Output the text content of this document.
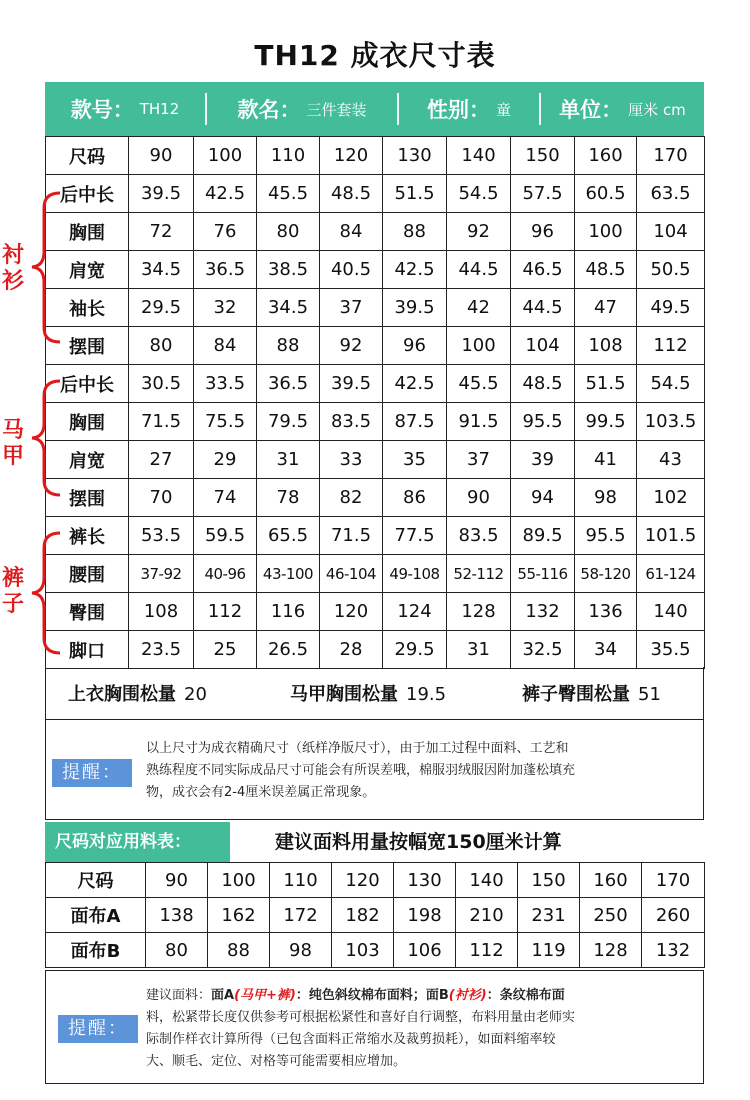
TH12 成衣尺寸表
款号： TH12	款名： 三件套装	性别： 童 单位： 厘米 cm
尺码	90	100	110	120	130	140	150	160	170
后中长	39.5	42.5	45.5	48.5	51.5	54.5	57.5	60.5	63.5
胸围	72	76	80	84	88	92	96	100	104
肩宽	34.5	36.5	38.5	40.5	42.5	44.5	46.5	48.5	50.5
袖长	29.5	32	34.5	37	39.5	42	44.5	47	49.5
摆围	80	84	88	92	96	100	104	108	112
后中长	30.5	33.5	36.5	39.5	42.5	45.5	48.5	51.5	54.5
胸围	71.5	75.5	79.5	83.5	87.5	91.5	95.5	99.5	103.5
肩宽	27	29	31	33	35	37	39	41	43
摆围	70	74	78	82	86	90	94	98	102
裤长	53.5	59.5	65.5	71.5	77.5	83.5	89.5	95.5	101.5
腰围	37-92	40-96	43-100	46-104	49-108	52-112	55-116	58-120	61-124
臀围	108	112	116	120	124	128	132	136	140
脚口	23.5	25	26.5	28	29.5	31	32.5	34	35.5
衬衫
马甲
裤子
上衣胸围松量 20	马甲胸围松量 19.5	裤子臀围松量 51
提醒：
以上尺寸为成衣精确尺寸（纸样净版尺寸），由于加工过程中面料、工艺和
熟练程度不同实际成品尺寸可能会有所误差哦，棉服羽绒服因附加蓬松填充
物，成衣会有2-4厘米误差属正常现象。
尺码对应用料表：	建议面料用量按幅宽150厘米计算
尺码	90	100	110	120	130	140	150	160	170
面布A	138	162	172	182	198	210	231	250	260
面布B	80	88	98	103	106	112	119	128	132
提醒：
建议面料：面A(马甲+裤)：纯色斜纹棉布面料；面B(衬衫)：条纹棉布面
料，松紧带长度仅供参考可根据松紧性和喜好自行调整，布料用量由老师实
际制作样衣计算所得（已包含面料正常缩水及裁剪损耗），如面料缩率较
大、顺毛、定位、对格等可能需要相应增加。
